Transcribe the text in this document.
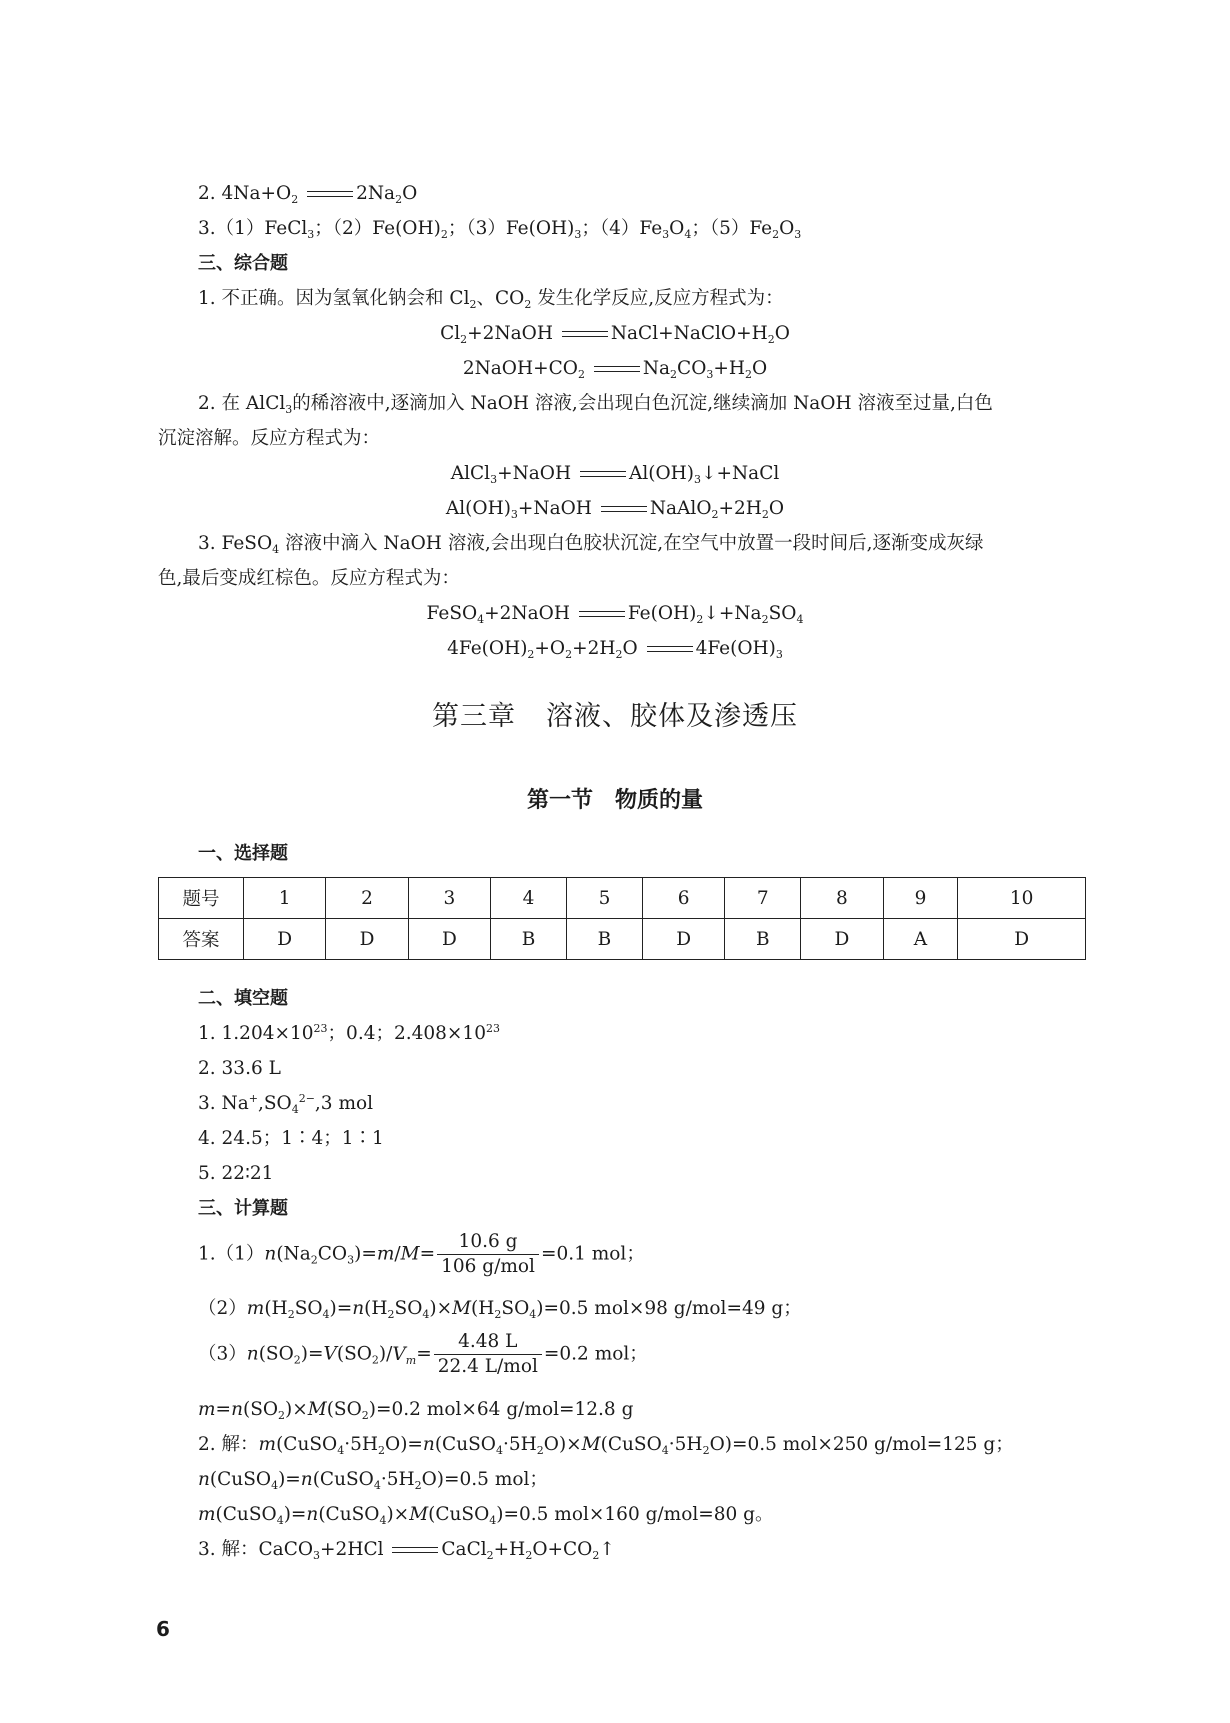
2. $4Na+O_2$	$2Na_2O$
3.（1）FeCl$_3$；$(2)Fe(OH)_2$；$(3)Fe(OH)_3$；$(4)Fe_3O_4$；$(5)Fe_2O_3$
三、综合题
1. 不正确。因为氢氧化钠会和 $Cl_2$、$CO_2$ 发生化学反应,反应方程式为：
$Cl_2+2NaOH$	$NaCl+NaClO+H_2O$
$2NaOH+CO_2$	$Na_2CO_3+H_2O$
2. 在 AlCl$_3$的稀溶液中,逐滴加入 NaOH 溶液,会出现白色沉淀,继续滴加 NaOH 溶液至过量,白色
沉淀溶解。反应方程式为：
AlCl$_3$+NaOH	$Al(OH)_3↓+NaCl$
$Al(OH)_3+NaOH$	$NaAlO_2+2H_2O$
3. FeSO$_4$ 溶液中滴入 NaOH 溶液,会出现白色胶状沉淀,在空气中放置一段时间后,逐渐变成灰绿
色,最后变成红棕色。反应方程式为：
FeSO$_4$+2NaOH	$Fe(OH)_2↓+Na_2SO_4$
$4Fe(OH)_2+O_2+2H_2O$	$4Fe(OH)_3$
第三章 溶液、胶体及渗透压
第一节 物质的量
一、选择题
题号	1	2	3	4	5	6	7	8	9	10
答案	D	D	D	B	B	D	B	D	A	D
二、填空题
1. $1.204\times 10^{23}$；0.4；$2.408\times 10^{23}$
2. 33.6 L
3. $Na^+,SO_4^{2-},3$ mol
4. 24.5；1∶4；1∶1
5. 22∶21
三、计算题
$1.(1)n(Na_2CO_3)=m/M= \frac{10.6 g}{\text{106 g/mol}} =0.1$ mol；
$(2)m(H_2SO_4)=n(H_2SO_4)\times M(H_2SO_4)=0.5$ mol×98 g/mol=49 g；
$(3)n(SO_2)=V(SO_2)/V_m= \frac{4.48 L}{\text{22.4 L/mol}} =0.2$ mol；
$m=n(SO_2)\times M(SO_2)=0.2$ mol×64 g/mol=12.8 g
2. 解：$m(CuSO_4\cdot 5H_2O)=n(CuSO_4\cdot 5H_2O)\times M(CuSO_4\cdot 5H_2O)=0.5$ mol×250 g/mol=125 g；
$n(CuSO_4)=n(CuSO_4\cdot 5H_2O)=0.5$ mol；
m(CuSO$_4$)=n(CuSO$_4$)×M(CuSO$_4$)=0.5 mol×160 g/mol=80 g。
3. 解：CaCO$_3$+2HCl	$CaCl_2+H_2O+CO_2↑$
6
